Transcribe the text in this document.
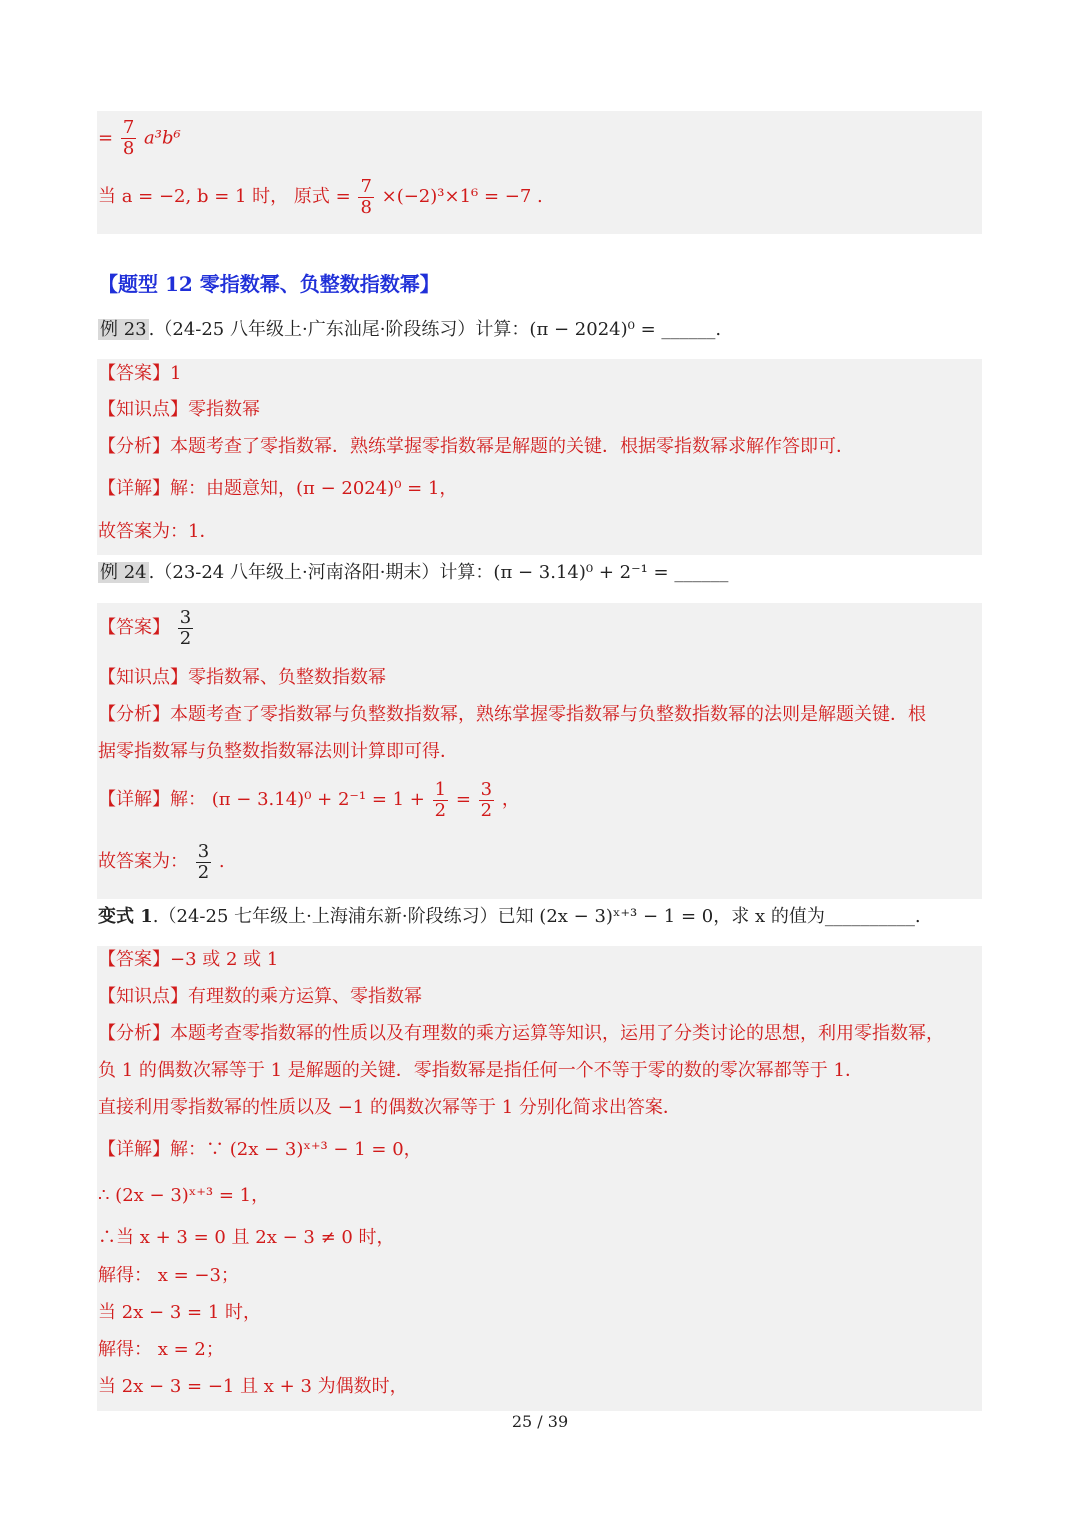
= $\frac{7}{8} a^3b^6$
当 a = −2, b = 1 时， 原式 = $\frac{7}{8} \times(-2)^3\times 1^6 = -7$ .
【题型 12 零指数幂、负整数指数幂】
例 23 .（24-25 八年级上·广东汕尾·阶段练习）计算：(π − 2024)⁰ = ______.
【答案】1
【知识点】零指数幂
【分析】本题考查了零指数幂．熟练掌握零指数幂是解题的关键．根据零指数幂求解作答即可．
【详解】解：由题意知，(π − 2024)⁰ = 1，
故答案为：1．
例 24 .（23-24 八年级上·河南洛阳·期末）计算：(π − 3.14)⁰ + 2⁻¹ = ______
【答案】 $\frac{3}{2}$
【知识点】零指数幂、负整数指数幂
【分析】本题考查了零指数幂与负整数指数幂，熟练掌握零指数幂与负整数指数幂的法则是解题关键．根
据零指数幂与负整数指数幂法则计算即可得．
【详解】解： $(\pi - 3.14)^0 + 2^{-1} = 1 + \frac{1}{2} = \frac{3}{2}$ ，
故答案为： $\frac{3}{2}$ .
变式 1.（24-25 七年级上·上海浦东新·阶段练习）已知 (2x − 3)ˣ⁺³ − 1 = 0，求 x 的值为__________.
【答案】−3 或 2 或 1
【知识点】有理数的乘方运算、零指数幂
【分析】本题考查零指数幂的性质以及有理数的乘方运算等知识，运用了分类讨论的思想，利用零指数幂，
负 1 的偶数次幂等于 1 是解题的关键．零指数幂是指任何一个不等于零的数的零次幂都等于 1．
直接利用零指数幂的性质以及 −1 的偶数次幂等于 1 分别化简求出答案．
【详解】解：∵ (2x − 3)ˣ⁺³ − 1 = 0，
∴ (2x − 3)ˣ⁺³ = 1，
∴当 x + 3 = 0 且 2x − 3 ≠ 0 时，
解得： x = −3；
当 2x − 3 = 1 时，
解得： x = 2；
当 2x − 3 = −1 且 x + 3 为偶数时，
25 / 39
